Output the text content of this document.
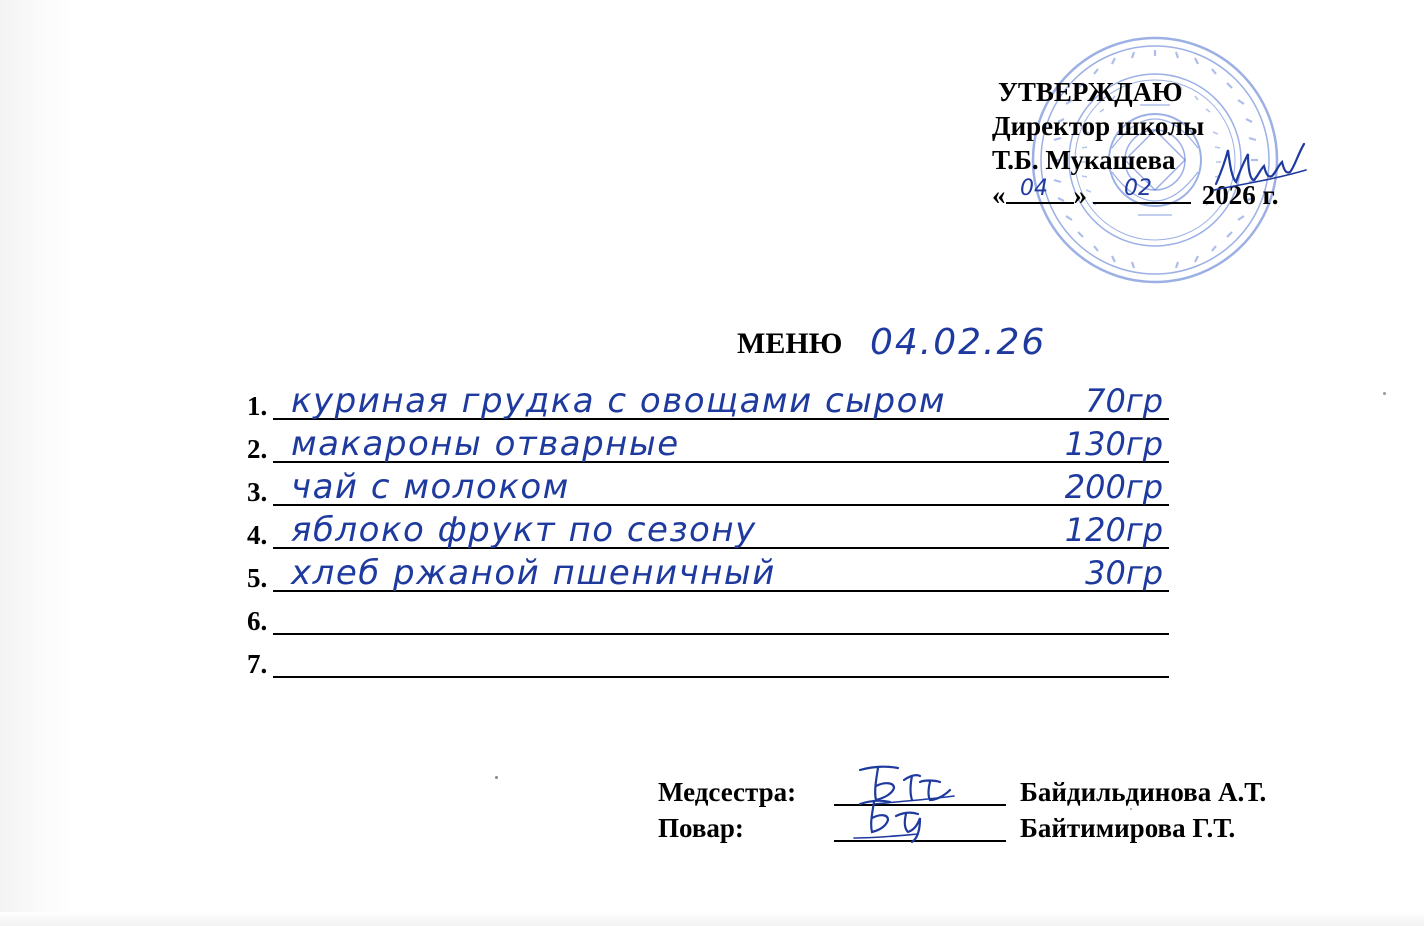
УТВЕРЖДАЮ
Директор школы
Т.Б. Мукашева
«	»	2026 г.
04	02
МЕНЮ 04.02.26
1. куриная грудка с овощами сыром	70гр
2. макароны отварные	130гр
3. чай с молоком	200гр
4. яблоко фрукт по сезону	120гр
5. хлеб ржаной пшеничный	30гр
6.
7.
Медсестра:	Байдильдинова А.Т.
Повар:	Байтимирова Г.Т.
